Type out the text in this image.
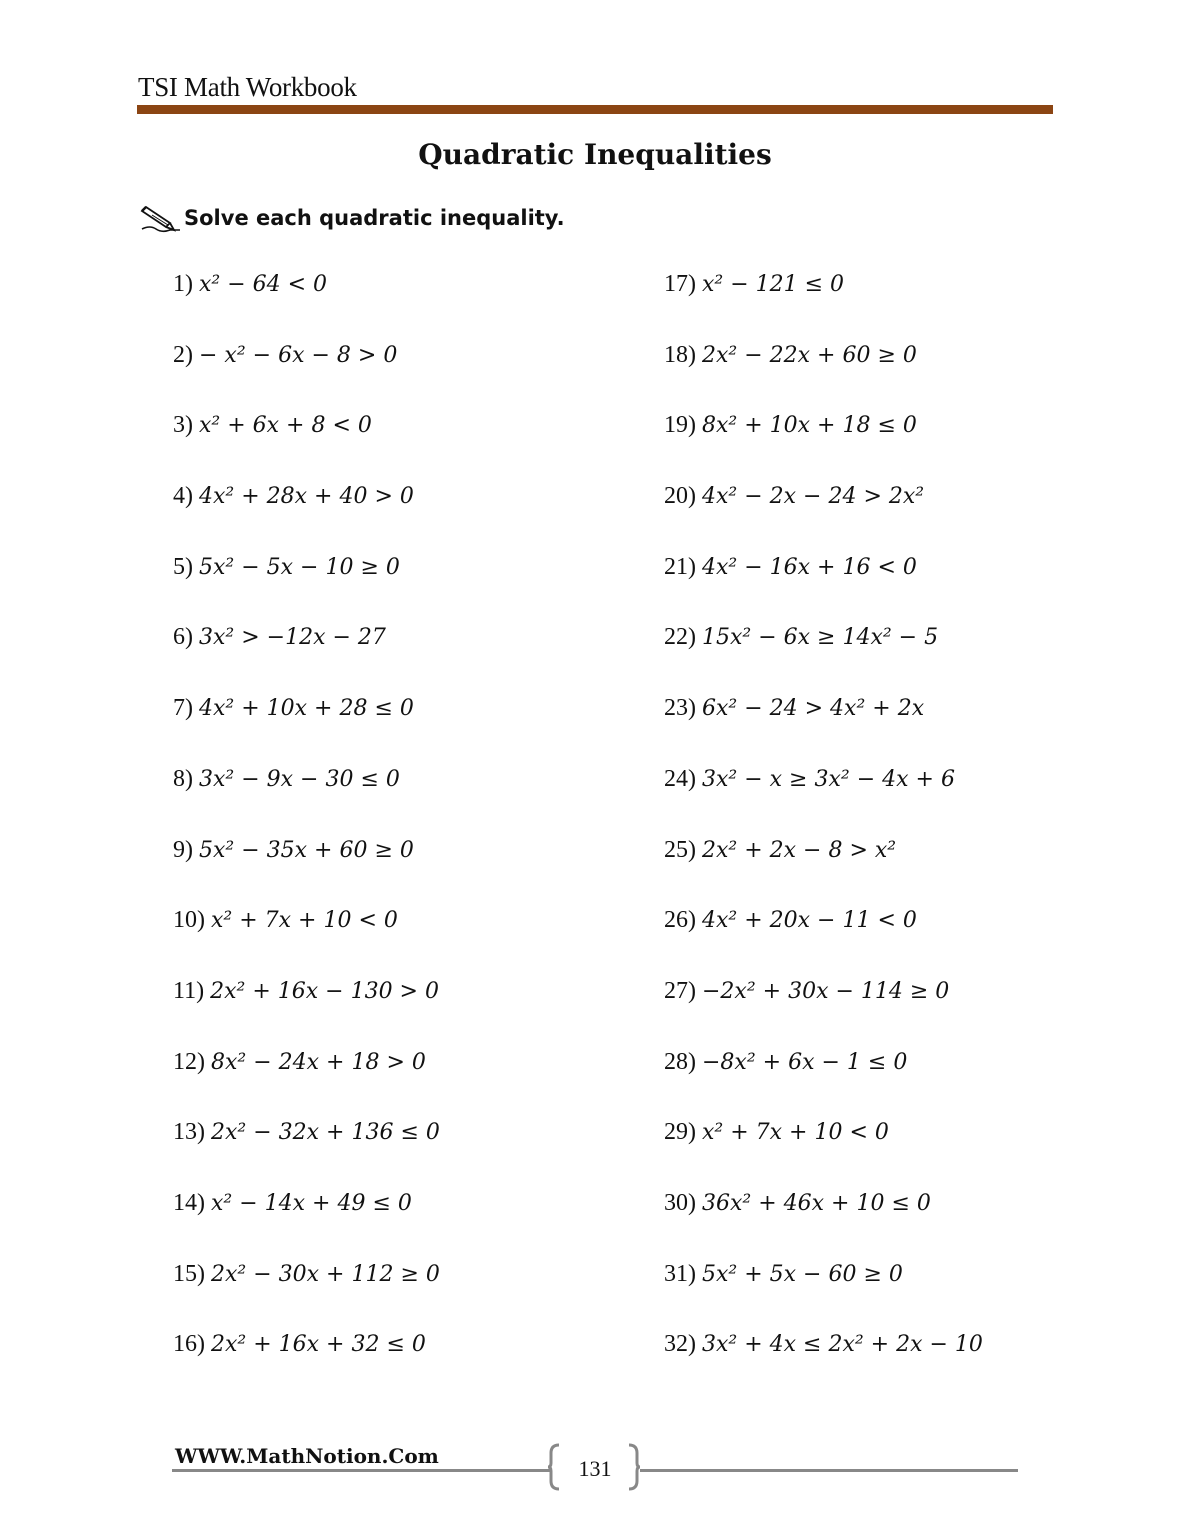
TSI Math Workbook
Quadratic Inequalities
Solve each quadratic inequality.
1) x² − 64 < 0
2) − x² − 6x − 8 > 0
3) x² + 6x + 8 < 0
4) 4x² + 28x + 40 > 0
5) 5x² − 5x − 10 ≥ 0
6) 3x² > −12x − 27
7) 4x² + 10x + 28 ≤ 0
8) 3x² − 9x − 30 ≤ 0
9) 5x² − 35x + 60 ≥ 0
10) x² + 7x + 10 < 0
11) 2x² + 16x − 130 > 0
12) 8x² − 24x + 18 > 0
13) 2x² − 32x + 136 ≤ 0
14) x² − 14x + 49 ≤ 0
15) 2x² − 30x + 112 ≥ 0
16) 2x² + 16x + 32 ≤ 0
17) x² − 121 ≤ 0
18) 2x² − 22x + 60 ≥ 0
19) 8x² + 10x + 18 ≤ 0
20) 4x² − 2x − 24 > 2x²
21) 4x² − 16x + 16 < 0
22) 15x² − 6x ≥ 14x² − 5
23) 6x² − 24 > 4x² + 2x
24) 3x² − x ≥ 3x² − 4x + 6
25) 2x² + 2x − 8 > x²
26) 4x² + 20x − 11 < 0
27) −2x² + 30x − 114 ≥ 0
28) −8x² + 6x − 1 ≤ 0
29) x² + 7x + 10 < 0
30) 36x² + 46x + 10 ≤ 0
31) 5x² + 5x − 60 ≥ 0
32) 3x² + 4x ≤ 2x² + 2x − 10
WWW.MathNotion.Com	131
